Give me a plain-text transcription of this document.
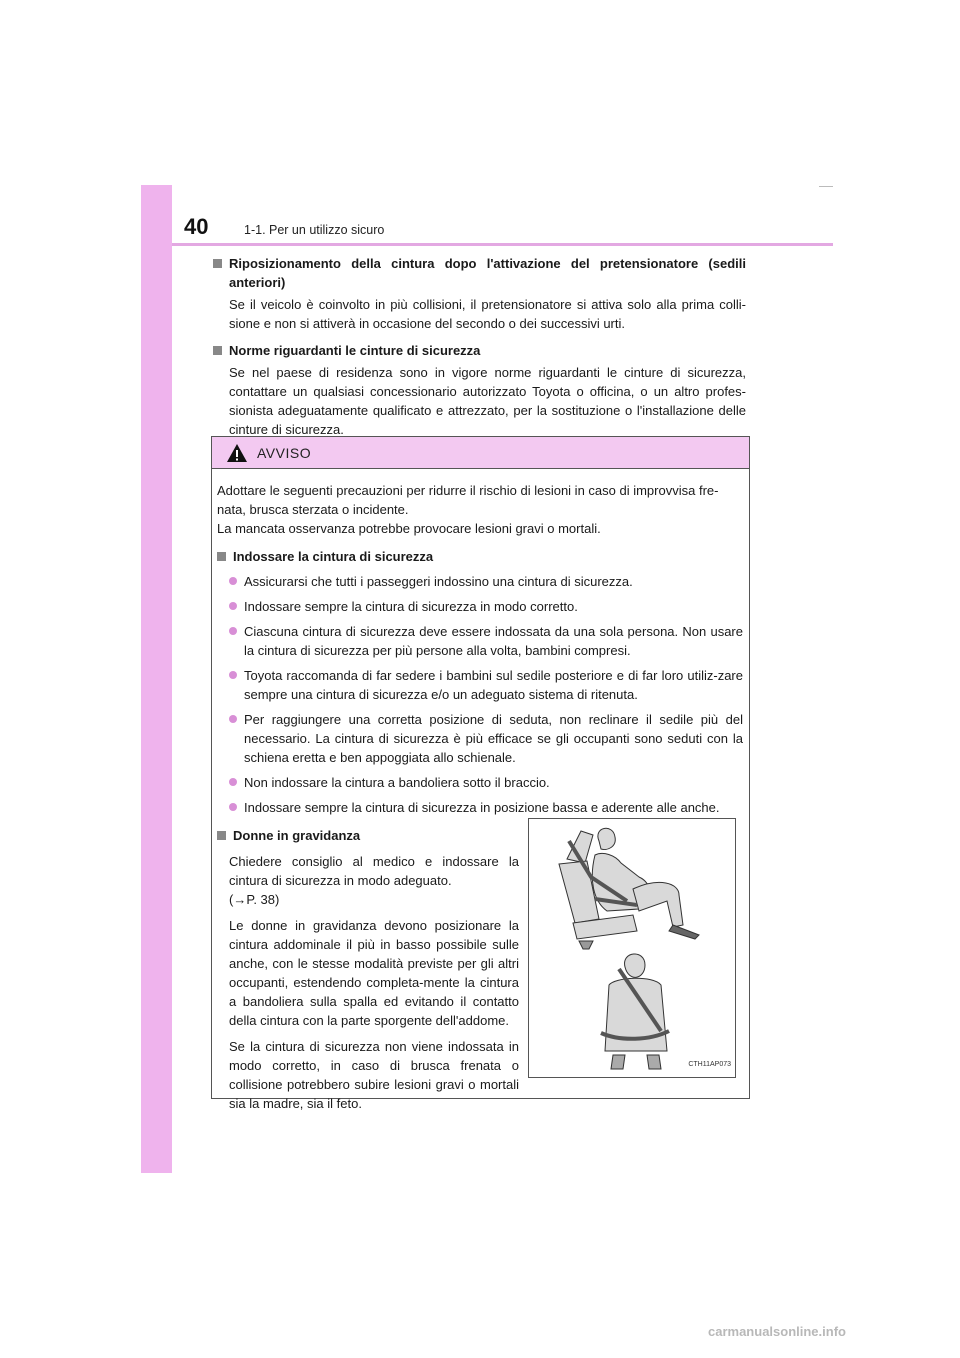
40	1-1. Per un utilizzo sicuro

Riposizionamento della cintura dopo l'attivazione del pretensionatore (sedili anteriori)

Se il veicolo è coinvolto in più collisioni, il pretensionatore si attiva solo alla prima colli-sione e non si attiverà in occasione del secondo o dei successivi urti.

Norme riguardanti le cinture di sicurezza

Se nel paese di residenza sono in vigore norme riguardanti le cinture di sicurezza, contattare un qualsiasi concessionario autorizzato Toyota o officina, o un altro profes-sionista adeguatamente qualificato e attrezzato, per la sostituzione o l'installazione delle cinture di sicurezza.

AVVISO

Adottare le seguenti precauzioni per ridurre il rischio di lesioni in caso di improvvisa fre-nata, brusca sterzata o incidente.

La mancata osservanza potrebbe provocare lesioni gravi o mortali.

Indossare la cintura di sicurezza

Assicurarsi che tutti i passeggeri indossino una cintura di sicurezza.

Indossare sempre la cintura di sicurezza in modo corretto.

Ciascuna cintura di sicurezza deve essere indossata da una sola persona. Non usare la cintura di sicurezza per più persone alla volta, bambini compresi.

Toyota raccomanda di far sedere i bambini sul sedile posteriore e di far loro utiliz-zare sempre una cintura di sicurezza e/o un adeguato sistema di ritenuta.

Per raggiungere una corretta posizione di seduta, non reclinare il sedile più del necessario. La cintura di sicurezza è più efficace se gli occupanti sono seduti con la schiena eretta e ben appoggiata allo schienale.

Non indossare la cintura a bandoliera sotto il braccio.

Indossare sempre la cintura di sicurezza in posizione bassa e aderente alle anche.

Donne in gravidanza

Chiedere consiglio al medico e indossare la cintura di sicurezza in modo adeguato.
(→P. 38)

Le donne in gravidanza devono posizionare la cintura addominale il più in basso possibile sulle anche, con le stesse modalità previste per gli altri occupanti, estendendo completa-mente la cintura a bandoliera sulla spalla ed evitando il contatto della cintura con la parte sporgente dell'addome.

Se la cintura di sicurezza non viene indossata in modo corretto, in caso di brusca frenata o collisione potrebbero subire lesioni gravi o mortali sia la madre, sia il feto.

CTH11AP073
carmanualsonline.info
